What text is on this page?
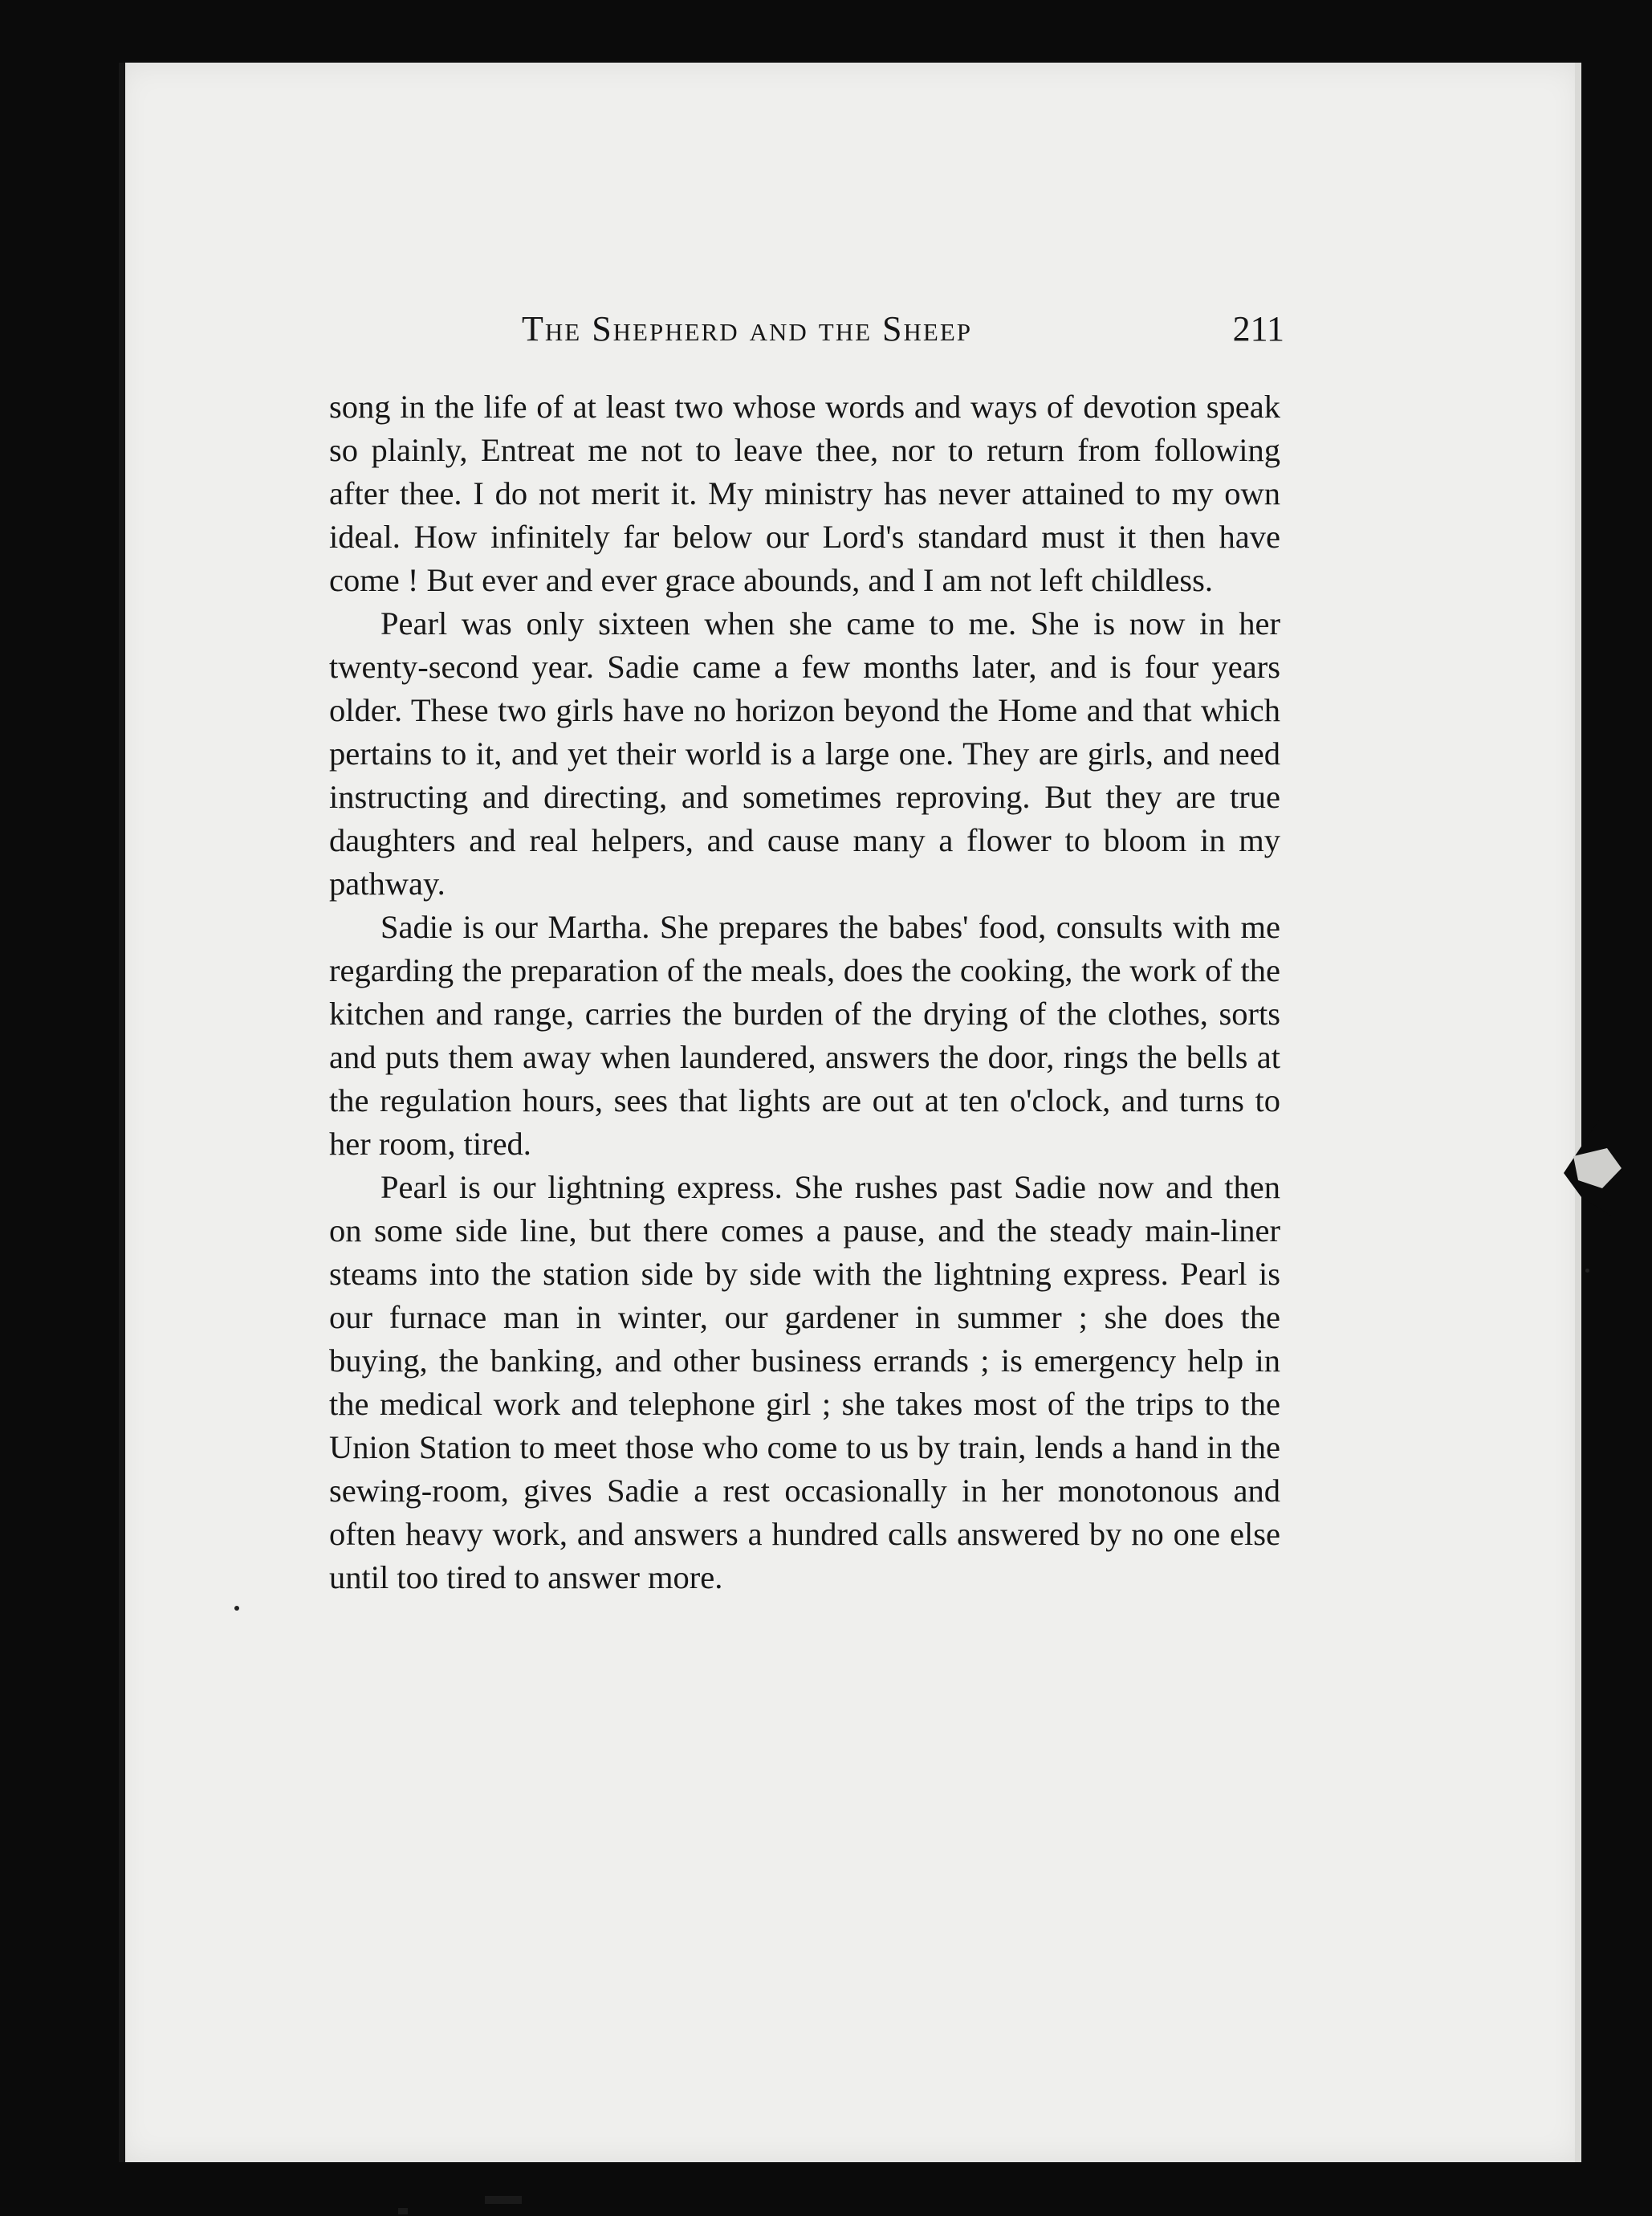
The Shepherd and the Sheep	211

song in the life of at least two whose words and ways of devotion speak so plainly, Entreat me not to leave thee, nor to return from following after thee. I do not merit it. My ministry has never attained to my own ideal. How infinitely far below our Lord's standard must it then have come ! But ever and ever grace abounds, and I am not left childless.

Pearl was only sixteen when she came to me. She is now in her twenty-second year. Sadie came a few months later, and is four years older. These two girls have no horizon beyond the Home and that which pertains to it, and yet their world is a large one. They are girls, and need instructing and directing, and sometimes reproving. But they are true daughters and real helpers, and cause many a flower to bloom in my pathway.

Sadie is our Martha. She prepares the babes' food, consults with me regarding the preparation of the meals, does the cooking, the work of the kitchen and range, carries the burden of the drying of the clothes, sorts and puts them away when laundered, answers the door, rings the bells at the regulation hours, sees that lights are out at ten o'clock, and turns to her room, tired.

Pearl is our lightning express. She rushes past Sadie now and then on some side line, but there comes a pause, and the steady main-liner steams into the station side by side with the lightning express. Pearl is our furnace man in winter, our gardener in summer ; she does the buying, the banking, and other business errands ; is emergency help in the medical work and telephone girl ; she takes most of the trips to the Union Station to meet those who come to us by train, lends a hand in the sewing-room, gives Sadie a rest occasionally in her monotonous and often heavy work, and answers a hundred calls answered by no one else until too tired to answer more.
